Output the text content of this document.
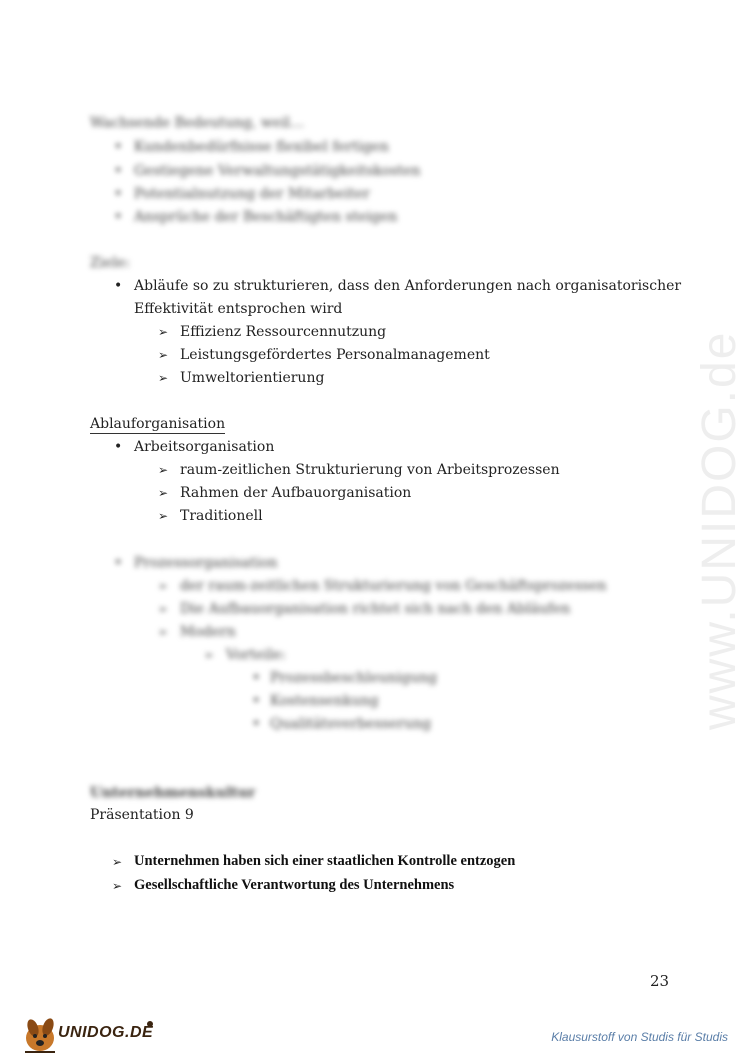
www.UNIDOG.de
Wachsende Bedeutung, weil…
• Kundenbedürfnisse flexibel fertigen
• Gestiegene Verwaltungstätigkeitskosten
• Potentialnutzung der Mitarbeiter
• Ansprüche der Beschäftigten steigen
Ziele:
• Abläufe so zu strukturieren, dass den Anforderungen nach organisatorischer
Effektivität entsprochen wird
➢ Effizienz Ressourcennutzung
➢ Leistungsgefördertes Personalmanagement
➢ Umweltorientierung
Ablauforganisation
• Arbeitsorganisation
➢ raum-zeitlichen Strukturierung von Arbeitsprozessen
➢ Rahmen der Aufbauorganisation
➢ Traditionell
• Prozessorganisation
➢ der raum-zeitlichen Strukturierung von Geschäftsprozessen
➢ Die Aufbauorganisation richtet sich nach den Abläufen
➢ Modern
➢ Vorteile:
• Prozessbeschleunigung
• Kostensenkung
• Qualitätsverbesserung
Unternehmenskultur
Präsentation 9
➢ Unternehmen haben sich einer staatlichen Kontrolle entzogen
➢ Gesellschaftliche Verantwortung des Unternehmens
23
UNIDOG.DE	Klausurstoff von Studis für Studis
